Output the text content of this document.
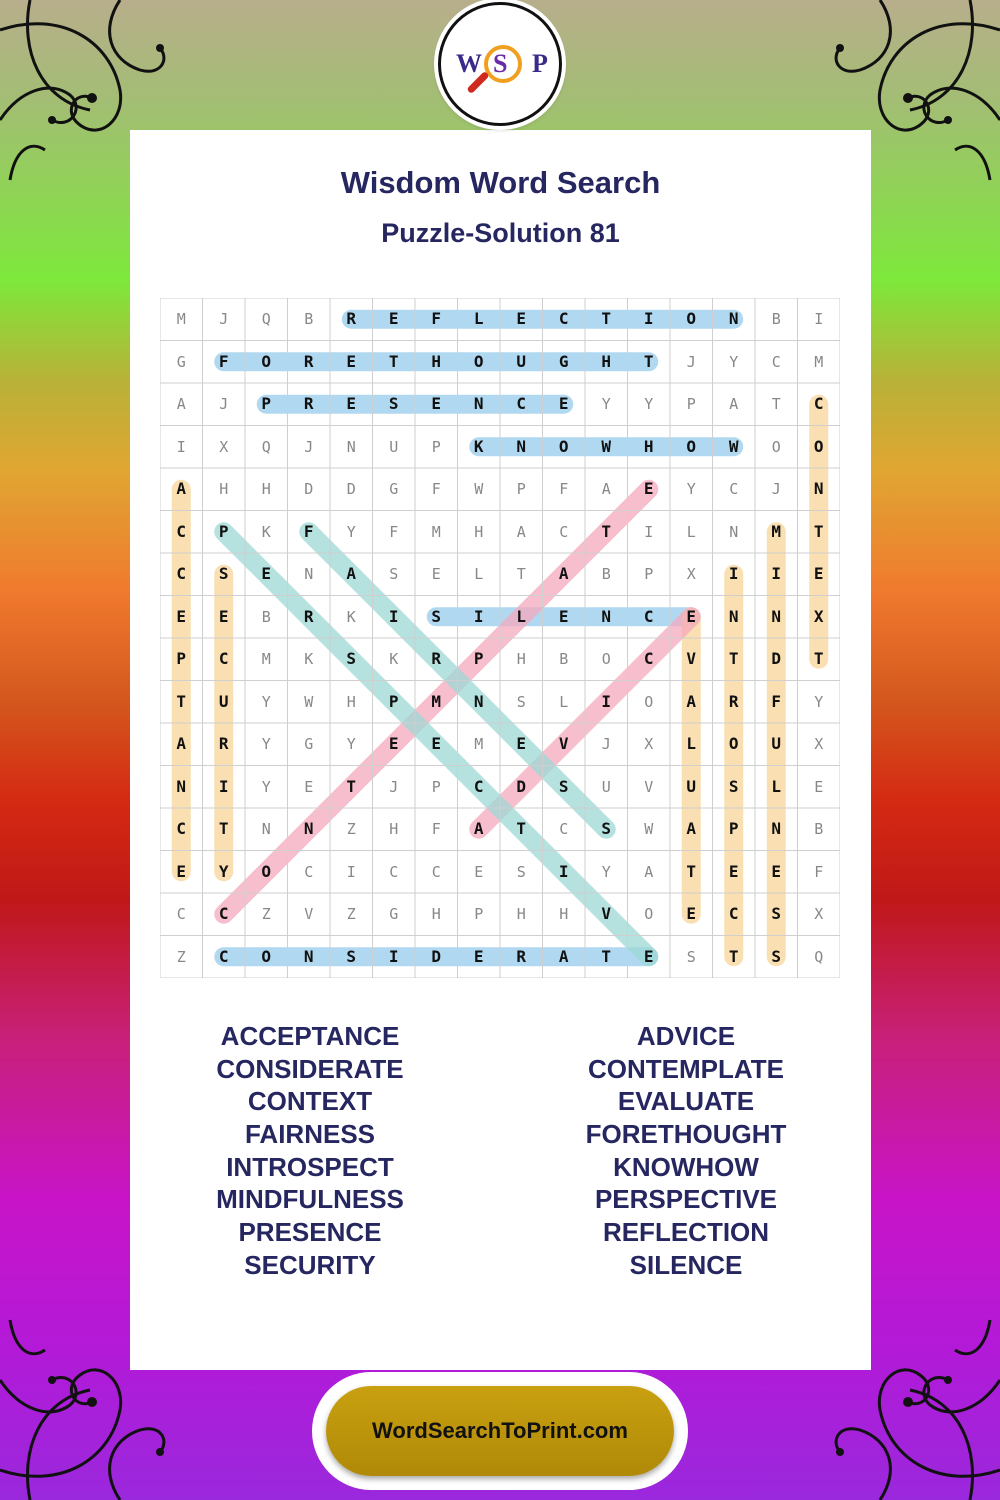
W S P
Wisdom Word Search
Puzzle-Solution 81
M	J	Q	B	R	E	F	L	E	C	T	I	O	N	B	I
G	F	O	R	E	T	H	O	U	G	H	T	J	Y	C	M
A	J	P	R	E	S	E	N	C	E	Y	Y	P	A	T	C
I	X	Q	J	N	U	P	K	N	O	W	H	O	W	O	O
A	H	H	D	D	G	F	W	P	F	A	E	Y	C	J	N
C	P	K	F	Y	F	M	H	A	C	T	I	L	N	M	T
C	S	E	N	A	S	E	L	T	A	B	P	X	I	I	E
E	E	B	R	K	I	S	I	L	E	N	C	E	N	N	X
P	C	M	K	S	K	R	P	H	B	O	C	V	T	D	T
T	U	Y	W	H	P	M	N	S	L	I	O	A	R	F	Y
A	R	Y	G	Y	E	E	M	E	V	J	X	L	O	U	X
N	I	Y	E	T	J	P	C	D	S	U	V	U	S	L	E
C	T	N	N	Z	H	F	A	T	C	S	W	A	P	N	B
E	Y	O	C	I	C	C	E	S	I	Y	A	T	E	E	F
C	C	Z	V	Z	G	H	P	H	H	V	O	E	C	S	X
Z	C	O	N	S	I	D	E	R	A	T	E	S	T	S	Q
ACCEPTANCE
CONSIDERATE
CONTEXT
FAIRNESS
INTROSPECT
MINDFULNESS
PRESENCE
SECURITY
ADVICE
CONTEMPLATE
EVALUATE
FORETHOUGHT
KNOWHOW
PERSPECTIVE
REFLECTION
SILENCE
WordSearchToPrint.com
